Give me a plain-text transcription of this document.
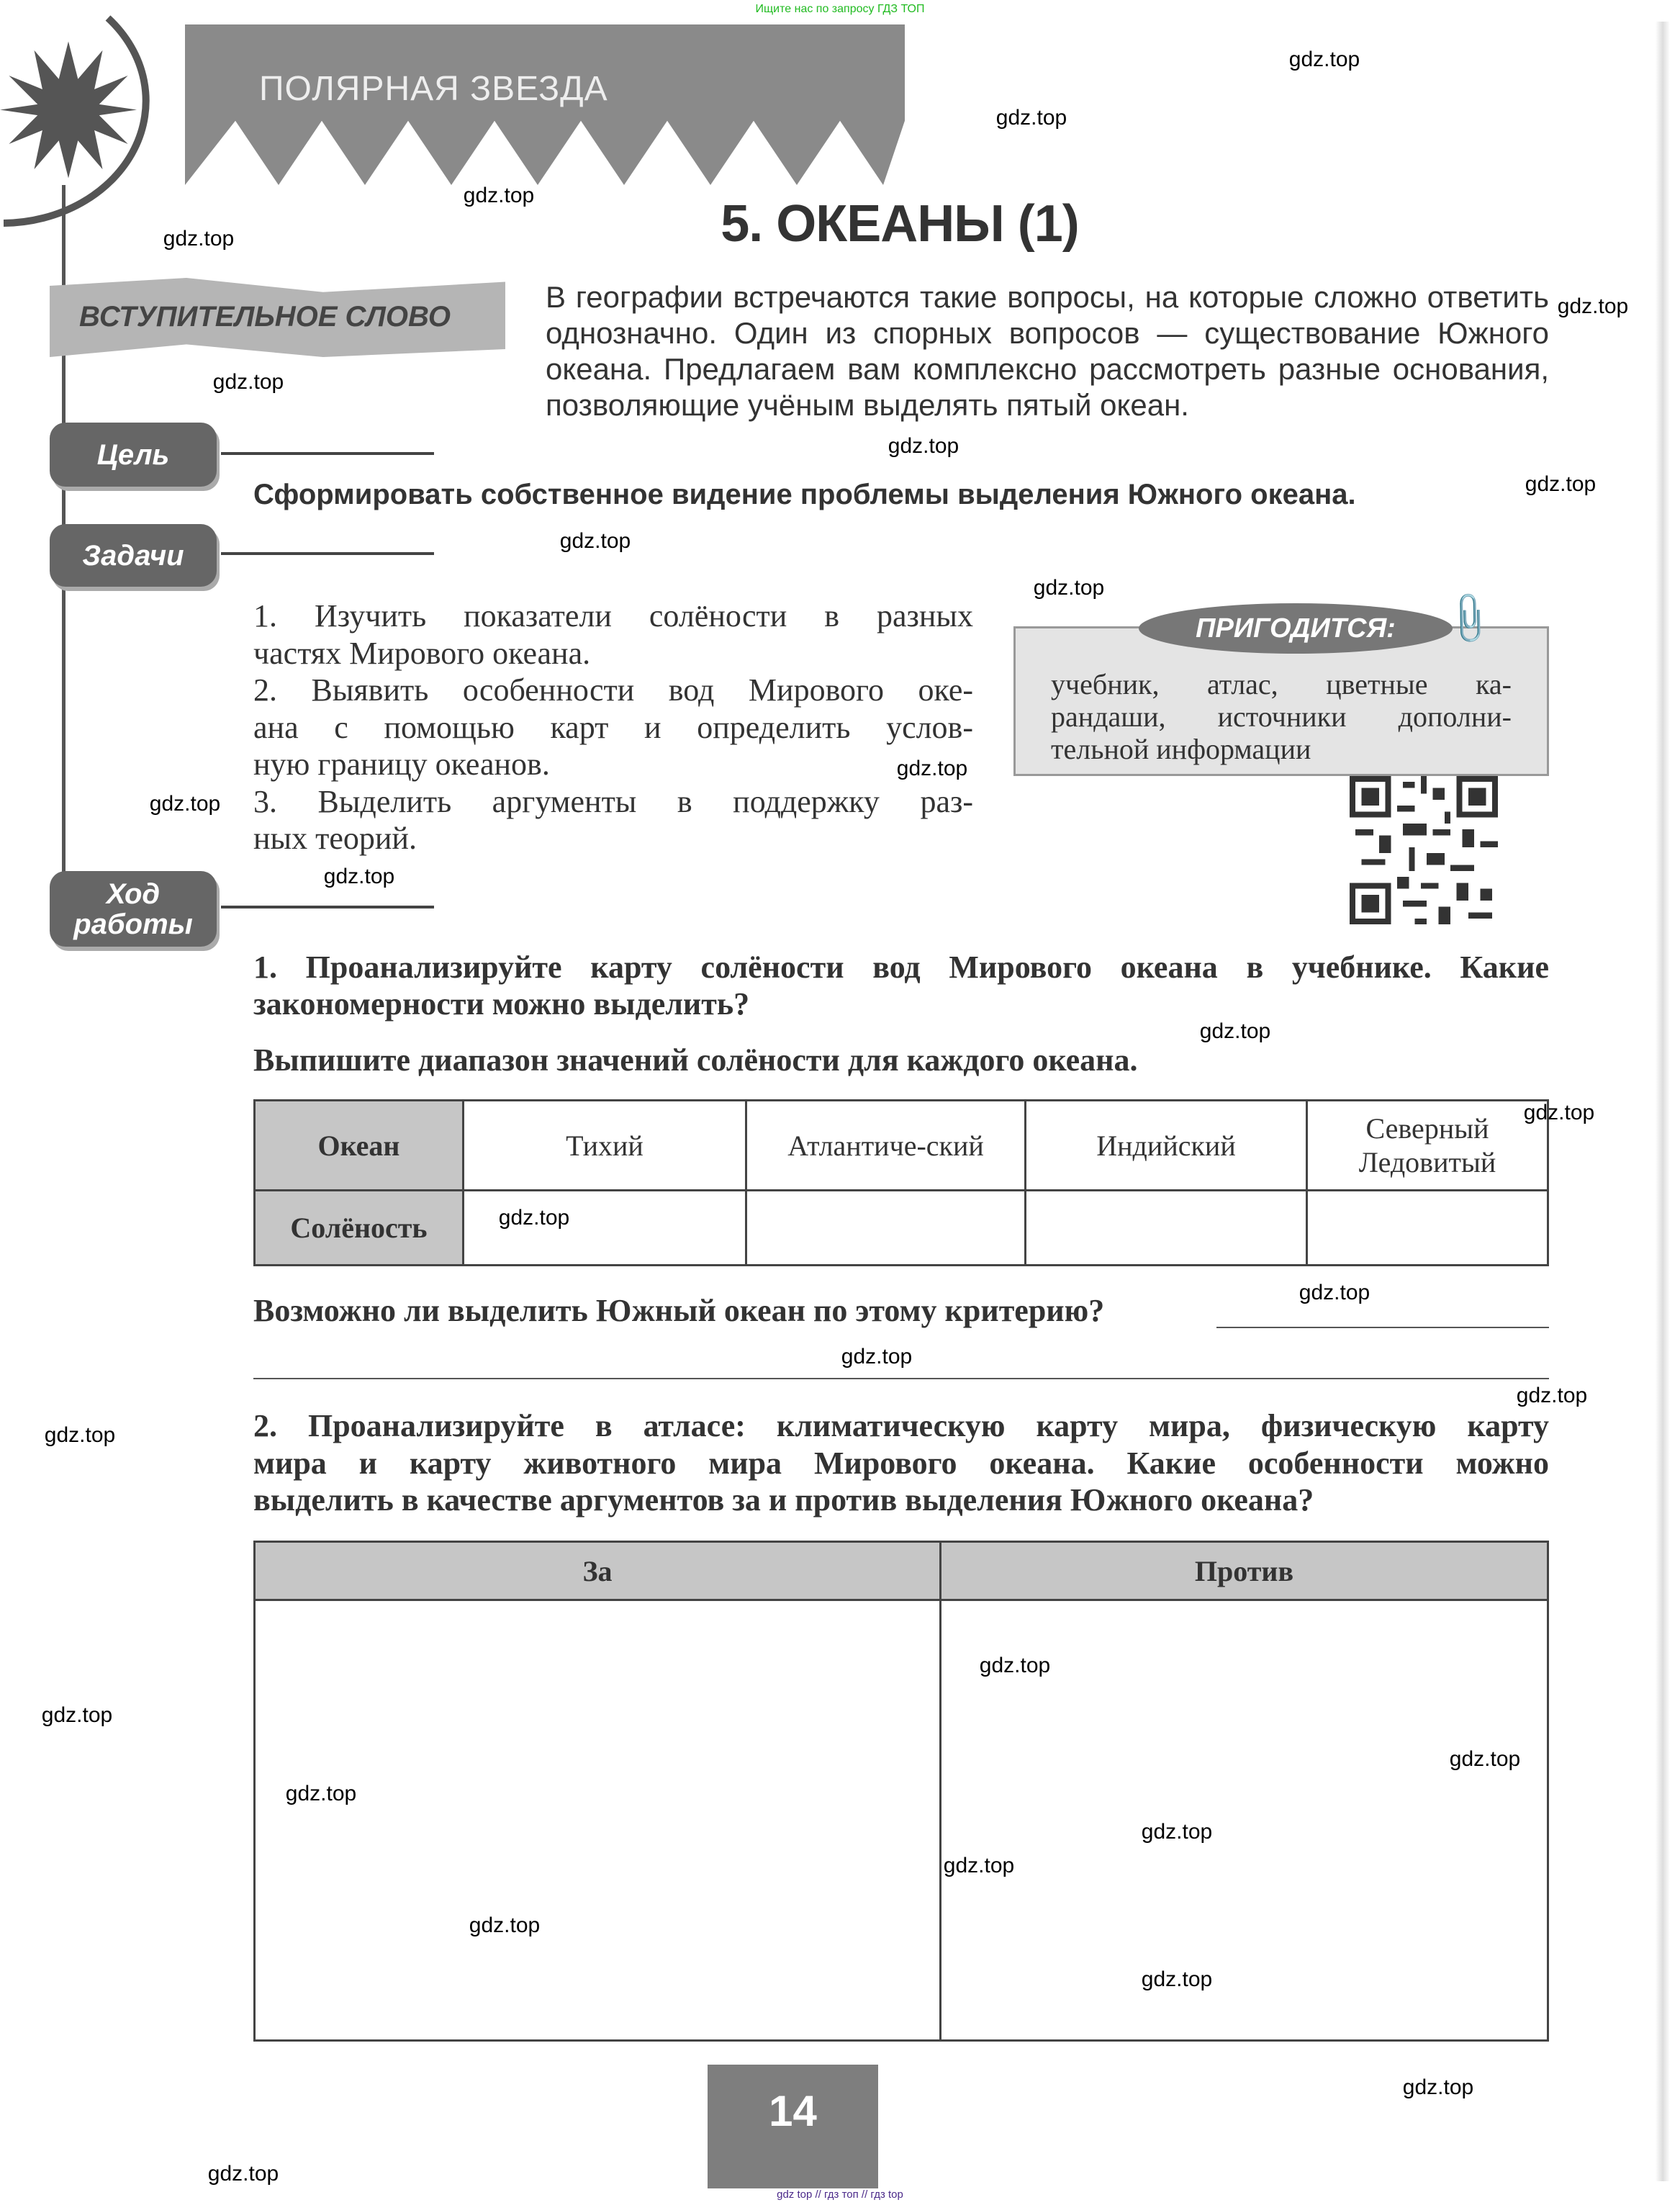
Ищите нас по запросу ГДЗ ТОП
ПОЛЯРНАЯ ЗВЕЗДА
5. ОКЕАНЫ (1)
ВСТУПИТЕЛЬНОЕ СЛОВО
В географии встречаются такие вопросы, на которые сложно ответить однозначно. Один из спорных вопросов — существование Южного океана. Предлагаем вам комплексно рассмотреть разные основания, позволяющие учёным выделять пятый океан.
Цель
Сформировать собственное видение проблемы выделения Южного океана.
Задачи
1. Изучить показатели солёности в разных
частях Мирового океана.
2. Выявить особенности вод Мирового оке-
ана с помощью карт и определить услов-
ную границу океанов.
3. Выделить аргументы в поддержку раз-
ных теорий.
ПРИГОДИТСЯ:	📎
учебник, атлас, цветные ка-
рандаши, источники дополни-
тельной информации
Ход
работы
1. Проанализируйте карту солёности вод Мирового океана в учебнике. Какие
закономерности можно выделить?
Выпишите диапазон значений солёности для каждого океана.
Океан	Тихий	Атлантиче-ский	Индийский	Северный Ледовитый
Солёность				
Возможно ли выделить Южный океан по этому критерию?
2. Проанализируйте в атласе: климатическую карту мира, физическую карту
мира и карту животного мира Мирового океана. Какие особенности можно
выделить в качестве аргументов за и против выделения Южного океана?
За	Против

14
gdz top // гдз топ // гдз top
gdz.top
gdz.top
gdz.top
gdz.top
gdz.top
gdz.top
gdz.top
gdz.top
gdz.top
gdz.top
gdz.top
gdz.top
gdz.top
gdz.top
gdz.top
gdz.top
gdz.top
gdz.top
gdz.top
gdz.top
gdz.top
gdz.top
gdz.top
gdz.top
gdz.top
gdz.top
gdz.top
gdz.top
gdz.top
gdz.top
